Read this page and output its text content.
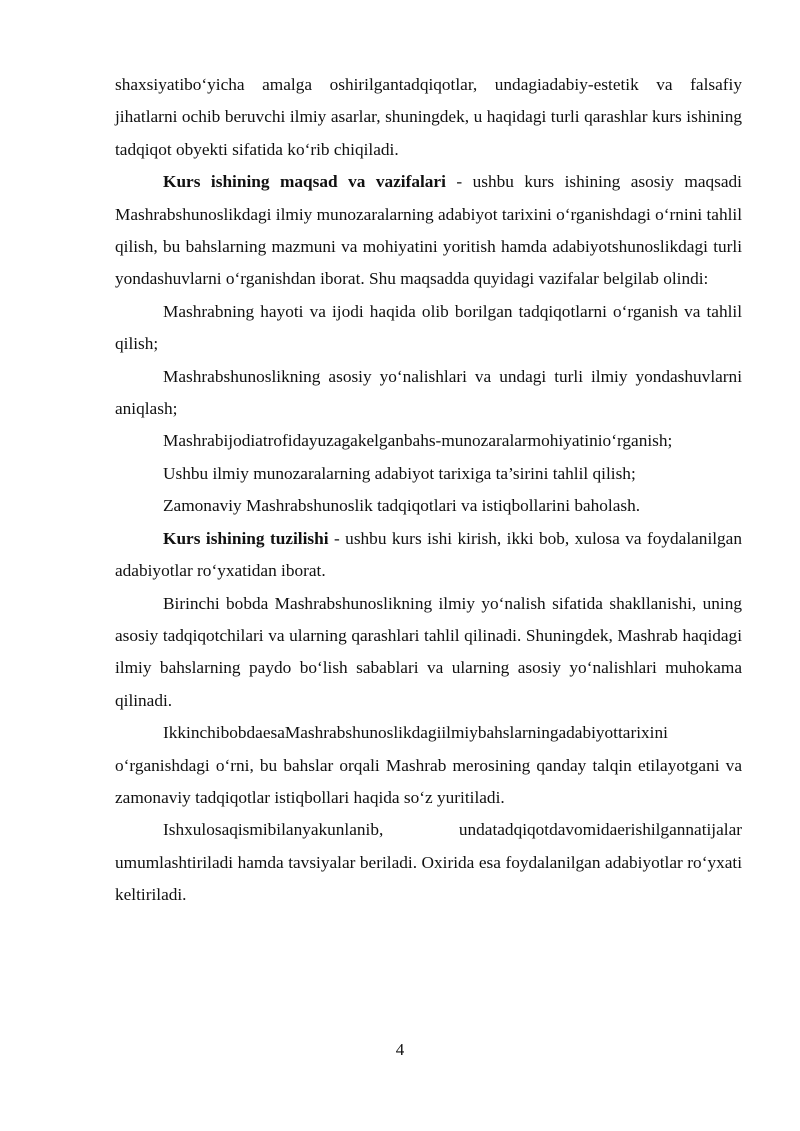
shaxsiyatibo‘yicha amalga oshirilgantadqiqotlar, undagiadabiy-estetik va falsafiy jihatlarni ochib beruvchi ilmiy asarlar, shuningdek, u haqidagi turli qarashlar kurs ishining tadqiqot obyekti sifatida ko‘rib chiqiladi.

Kurs ishining maqsad va vazifalari - ushbu kurs ishining asosiy maqsadi Mashrabshunoslikdagi ilmiy munozaralarning adabiyot tarixini o‘rganishdagi o‘rnini tahlil qilish, bu bahslarning mazmuni va mohiyatini yoritish hamda adabiyotshunoslikdagi turli yondashuvlarni o‘rganishdan iborat. Shu maqsadda quyidagi vazifalar belgilab olindi:

Mashrabning hayoti va ijodi haqida olib borilgan tadqiqotlarni o‘rganish va tahlil qilish;

Mashrabshunoslikning asosiy yo‘nalishlari va undagi turli ilmiy yondashuvlarni aniqlash;

Mashrabijodiatrofidayuzagakelganbahs-munozaralarmohiyatinio‘rganish;

Ushbu ilmiy munozaralarning adabiyot tarixiga ta’sirini tahlil qilish;

Zamonaviy Mashrabshunoslik tadqiqotlari va istiqbollarini baholash.

Kurs ishining tuzilishi - ushbu kurs ishi kirish, ikki bob, xulosa va foydalanilgan adabiyotlar ro‘yxatidan iborat.

Birinchi bobda Mashrabshunoslikning ilmiy yo‘nalish sifatida shakllanishi, uning asosiy tadqiqotchilari va ularning qarashlari tahlil qilinadi. Shuningdek, Mashrab haqidagi ilmiy bahslarning paydo bo‘lish sabablari va ularning asosiy yo‘nalishlari muhokama qilinadi.

IkkinchibobdaesaMashrabshunoslikdagiilmiybahslarningadabiyottarixini o‘rganishdagi o‘rni, bu bahslar orqali Mashrab merosining qanday talqin etilayotgani va zamonaviy tadqiqotlar istiqbollari haqida so‘z yuritiladi.

Ishxulosaqismibilanyakunlanib, undatadqiqotdavomidaerishilgannatijalar umumlashtiriladi hamda tavsiyalar beriladi. Oxirida esa foydalanilgan adabiyotlar ro‘yxati keltiriladi.

4
